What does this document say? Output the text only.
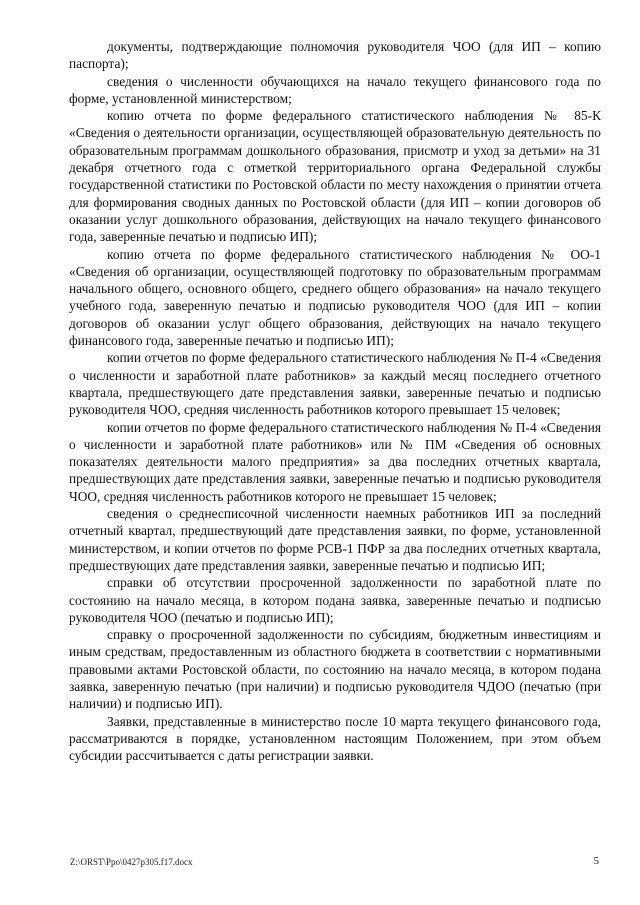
документы, подтверждающие полномочия руководителя ЧОО (для ИП – копию паспорта);

сведения о численности обучающихся на начало текущего финансового года по форме, установленной министерством;

копию отчета по форме федерального статистического наблюдения № 85-К «Сведения о деятельности организации, осуществляющей образовательную деятельность по образовательным программам дошкольного образования, присмотр и уход за детьми» на 31 декабря отчетного года с отметкой территориального органа Федеральной службы государственной статистики по Ростовской области по месту нахождения о принятии отчета для формирования сводных данных по Ростовской области (для ИП – копии договоров об оказании услуг дошкольного образования, действующих на начало текущего финансового года, заверенные печатью и подписью ИП);

копию отчета по форме федерального статистического наблюдения № ОО-1 «Сведения об организации, осуществляющей подготовку по образовательным программам начального общего, основного общего, среднего общего образования» на начало текущего учебного года, заверенную печатью и подписью руководителя ЧОО (для ИП – копии договоров об оказании услуг общего образования, действующих на начало текущего финансового года, заверенные печатью и подписью ИП);

копии отчетов по форме федерального статистического наблюдения № П-4 «Сведения о численности и заработной плате работников» за каждый месяц последнего отчетного квартала, предшествующего дате представления заявки, заверенные печатью и подписью руководителя ЧОО, средняя численность работников которого превышает 15 человек;

копии отчетов по форме федерального статистического наблюдения № П-4 «Сведения о численности и заработной плате работников» или № ПМ «Сведения об основных показателях деятельности малого предприятия» за два последних отчетных квартала, предшествующих дате представления заявки, заверенные печатью и подписью руководителя ЧОО, средняя численность работников которого не превышает 15 человек;

сведения о среднесписочной численности наемных работников ИП за последний отчетный квартал, предшествующий дате представления заявки, по форме, установленной министерством, и копии отчетов по форме РСВ-1 ПФР за два последних отчетных квартала, предшествующих дате представления заявки, заверенные печатью и подписью ИП;

справки об отсутствии просроченной задолженности по заработной плате по состоянию на начало месяца, в котором подана заявка, заверенные печатью и подписью руководителя ЧОО (печатью и подписью ИП);

справку о просроченной задолженности по субсидиям, бюджетным инвестициям и иным средствам, предоставленным из областного бюджета в соответствии с нормативными правовыми актами Ростовской области, по состоянию на начало месяца, в котором подана заявка, заверенную печатью (при наличии) и подписью руководителя ЧДОО (печатью (при наличии) и подписью ИП).

Заявки, представленные в министерство после 10 марта текущего финансового года, рассматриваются в порядке, установленном настоящим Положением, при этом объем субсидии рассчитывается с даты регистрации заявки.

Z:\ORST\Ppo\0427p305.f17.docx	5
